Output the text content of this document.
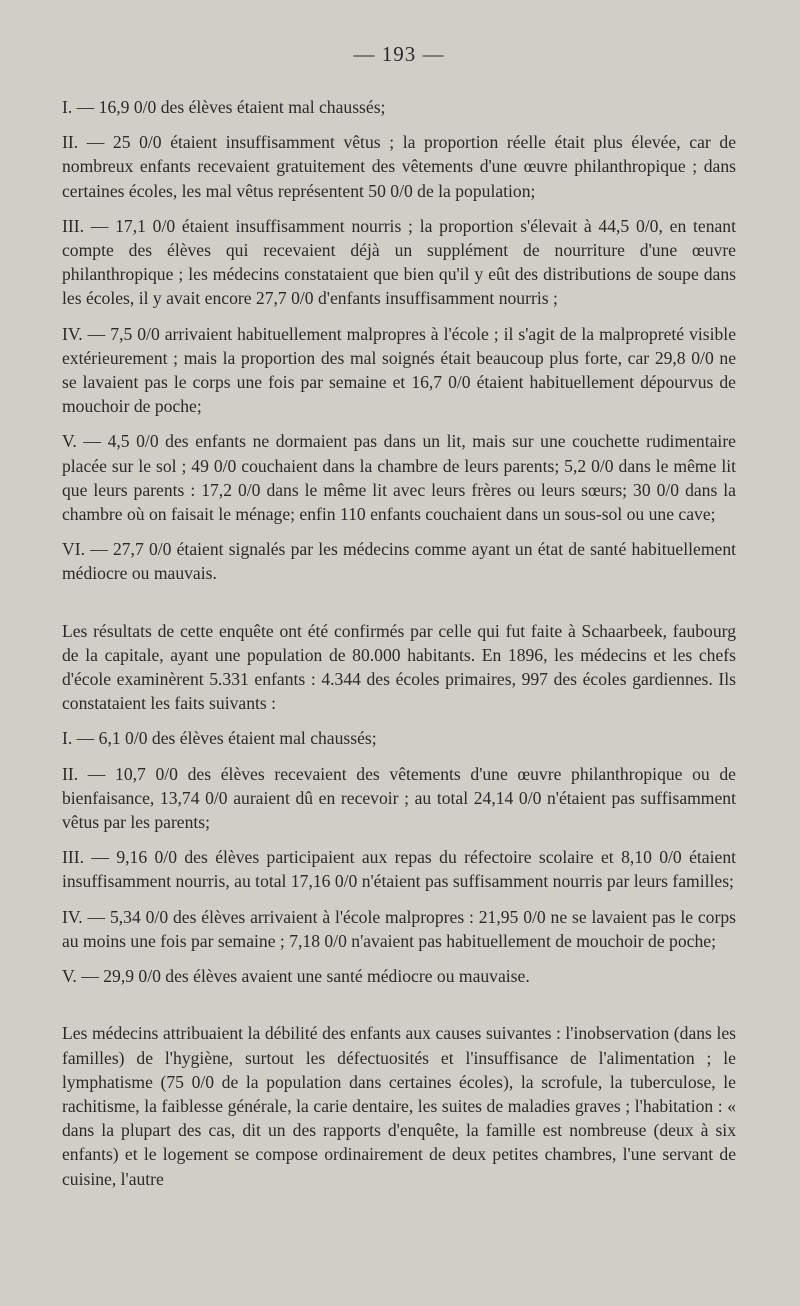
— 193 —

I. — 16,9 0/0 des élèves étaient mal chaussés;

II. — 25 0/0 étaient insuffisamment vêtus ; la proportion réelle était plus élevée, car de nombreux enfants recevaient gratuitement des vêtements d'une œuvre philanthropique ; dans certaines écoles, les mal vêtus représentent 50 0/0 de la population;

III. — 17,1 0/0 étaient insuffisamment nourris ; la proportion s'élevait à 44,5 0/0, en tenant compte des élèves qui recevaient déjà un supplément de nourriture d'une œuvre philanthropique ; les médecins constataient que bien qu'il y eût des distributions de soupe dans les écoles, il y avait encore 27,7 0/0 d'enfants insuffisamment nourris ;

IV. — 7,5 0/0 arrivaient habituellement malpropres à l'école ; il s'agit de la malpropreté visible extérieurement ; mais la proportion des mal soignés était beaucoup plus forte, car 29,8 0/0 ne se lavaient pas le corps une fois par semaine et 16,7 0/0 étaient habituellement dépourvus de mouchoir de poche;

V. — 4,5 0/0 des enfants ne dormaient pas dans un lit, mais sur une couchette rudimentaire placée sur le sol ; 49 0/0 couchaient dans la chambre de leurs parents; 5,2 0/0 dans le même lit que leurs parents : 17,2 0/0 dans le même lit avec leurs frères ou leurs sœurs; 30 0/0 dans la chambre où on faisait le ménage; enfin 110 enfants couchaient dans un sous-sol ou une cave;

VI. — 27,7 0/0 étaient signalés par les médecins comme ayant un état de santé habituellement médiocre ou mauvais.

Les résultats de cette enquête ont été confirmés par celle qui fut faite à Schaarbeek, faubourg de la capitale, ayant une population de 80.000 habitants. En 1896, les médecins et les chefs d'école examinèrent 5.331 enfants : 4.344 des écoles primaires, 997 des écoles gardiennes. Ils constataient les faits suivants :

I. — 6,1 0/0 des élèves étaient mal chaussés;

II. — 10,7 0/0 des élèves recevaient des vêtements d'une œuvre philanthropique ou de bienfaisance, 13,74 0/0 auraient dû en recevoir ; au total 24,14 0/0 n'étaient pas suffisamment vêtus par les parents;

III. — 9,16 0/0 des élèves participaient aux repas du réfectoire scolaire et 8,10 0/0 étaient insuffisamment nourris, au total 17,16 0/0 n'étaient pas suffisamment nourris par leurs familles;

IV. — 5,34 0/0 des élèves arrivaient à l'école malpropres : 21,95 0/0 ne se lavaient pas le corps au moins une fois par semaine ; 7,18 0/0 n'avaient pas habituellement de mouchoir de poche;

V. — 29,9 0/0 des élèves avaient une santé médiocre ou mauvaise.

Les médecins attribuaient la débilité des enfants aux causes suivantes : l'inobservation (dans les familles) de l'hygiène, surtout les défectuosités et l'insuffisance de l'alimentation ; le lymphatisme (75 0/0 de la population dans certaines écoles), la scrofule, la tuberculose, le rachitisme, la faiblesse générale, la carie dentaire, les suites de maladies graves ; l'habitation : « dans la plupart des cas, dit un des rapports d'enquête, la famille est nombreuse (deux à six enfants) et le logement se compose ordinairement de deux petites chambres, l'une servant de cuisine, l'autre
